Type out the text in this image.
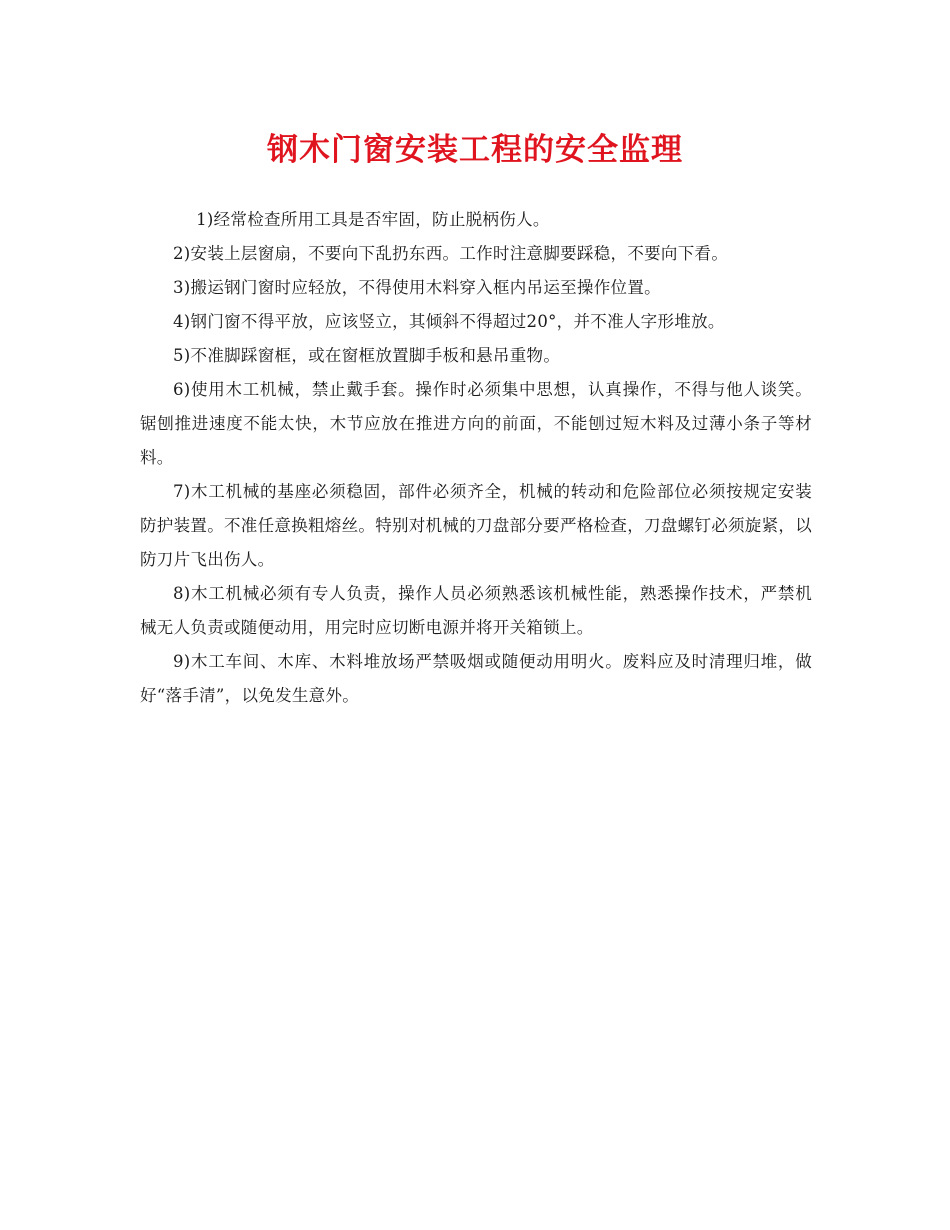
钢木门窗安装工程的安全监理

1)经常检查所用工具是否牢固，防止脱柄伤人。

2)安装上层窗扇，不要向下乱扔东西。工作时注意脚要踩稳，不要向下看。

3)搬运钢门窗时应轻放，不得使用木料穿入框内吊运至操作位置。

4)钢门窗不得平放，应该竖立，其倾斜不得超过20°，并不准人字形堆放。

5)不准脚踩窗框，或在窗框放置脚手板和悬吊重物。

6)使用木工机械，禁止戴手套。操作时必须集中思想，认真操作，不得与他人谈笑。锯刨推进速度不能太快，木节应放在推进方向的前面，不能刨过短木料及过薄小条子等材料。

7)木工机械的基座必须稳固，部件必须齐全，机械的转动和危险部位必须按规定安装防护装置。不准任意换粗熔丝。特别对机械的刀盘部分要严格检查，刀盘螺钉必须旋紧，以防刀片飞出伤人。

8)木工机械必须有专人负责，操作人员必须熟悉该机械性能，熟悉操作技术，严禁机械无人负责或随便动用，用完时应切断电源并将开关箱锁上。

9)木工车间、木库、木料堆放场严禁吸烟或随便动用明火。废料应及时清理归堆，做好“落手清”，以免发生意外。
